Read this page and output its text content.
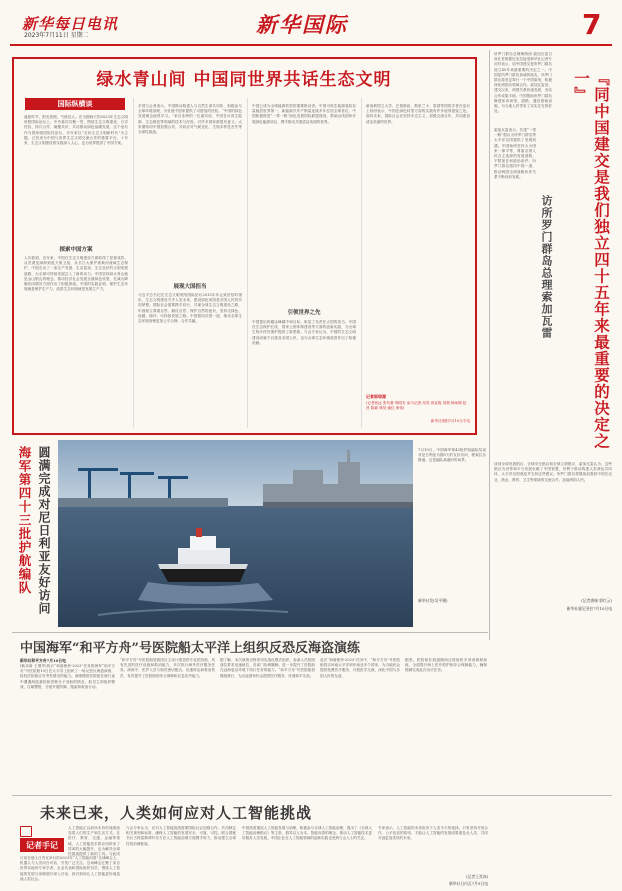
新华每日电讯
2023年7月11日 星期二	新华国际	7
绿水青山间 中国同世界共话生态文明
国际纵横谈
盛夏时节，阳光普照，气候宜人。在为期两天的2023年生态文明贵阳国际论坛上，中外嘉宾共聚一堂，围绕生态文明建设，分享经验、探讨合作、凝聚共识，共话推动绿色低碳发展。这个论坛作为国家级国际性论坛，多年来以“走向生态文明新时代”为主题，已经成为中国与世界生态文明交流合作的重要平台。十年来，生态文明建设的实践深入人心，也为世界提供了中国方案。
探索中国方案
人们看到，近年来，中国在生态文明建设方面取得了显著成效。从荒漠变绿洲到蓝天保卫战，从长江大保护到黄河流域生态保护，中国走出了一条生产发展、生活富裕、生态良好的文明发展道路，为全球可持续发展注入了新的动力。中国坚持绿水青山就是金山银山的理念，推动经济社会发展全面绿色转型，在减污降碳协同增效方面作出了积极探索。中国的实践证明，保护生态环境就是保护生产力，改善生态环境就是发展生产力。
多国与会者表示，中国推动构建人与自然生命共同体，积极参与全球环境治理，为发展中国家提供了可借鉴的经验。“中国的绿色发展理念值得学习。”来自非洲的一位嘉宾说，中国在可再生能源、生态修复等领域的技术与经验，对许多国家都很有意义。大家期待同中国加强合作，共同应对气候变化、生物多样性丧失等全球性挑战。
展现大国担当
习近平总书记在生态文明贵阳国际论坛2013年年会致贺信时指出，生态文明建设关乎人类未来，建设绿色家园是各国人民的共同梦想。国际社会需要携手同行，共谋全球生态文明建设之路，牢固树立尊重自然、顺应自然、保护自然的意识，坚持走绿色、低碳、循环、可持续发展之路。中国愿同各国一道，推动全球生态环境治理更加公平合理、合作共赢。
中国已成为全球能源转型的重要推动者。中国可再生能源装机容量稳居世界第一，新能源汽车产销量连续多年位居全球首位。中国积极推进“一带一路”绿色发展国际联盟建设，帮助沿线国家开展绿色能源项目，携手推动共建清洁美丽的世界。
引领世界之先
中国提出的碳达峰碳中和目标，彰显了负责任大国的担当。中国在生态保护红线、国家公园体制建设等方面的创新实践，为全球生物多样性保护提供了新思路。与会专家认为，中国的生态文明建设成就不仅惠及本国人民，也为全球生态环境改善作出了积极贡献。
新加坡国立大学、巴基斯坦、斯里兰卡、泰国等国的学者在论坛上纷纷表示，中国在绿色转型方面的实践有许多值得借鉴之处。面向未来，国际社会应坚持多边主义，加强交流合作，共同建设清洁美丽的世界。
记者郁琼源
(记者张远 张代蕾 郭明芳 参与记者:吴昊 周宣妮 刘晨 杨咏桐 赵昌 陈颖 林昊 谢红 黄伟)
新华社贵阳7月10日专电
所罗门群岛总理梅纳西·索加瓦雷日前在首都霍尼亚拉接受新华社记者专访时表示，同中国建交是所罗门群岛独立45年来最重要的决定之一。中国是所罗门群岛真诚的朋友，所罗门群岛将坚定奉行一个中国原则，积极深化两国各领域合作。索加瓦雷说，建交以来，两国关系快速发展，务实合作成果丰硕。中国帮助所罗门群岛修建体育场馆、道路、通信基础设施，为当地人民带来了实实在在的好处。	『同中国建交是我们独立四十五年来最重要的决定之一』
访所罗门群岛总理索加瓦雷
索加瓦雷表示，共建“一带一路”倡议为所罗门群岛等太平洋岛国提供了发展机遇。中国始终坚持大小国家一律平等，尊重各国人民自主选择的发展道路，不附加任何政治条件。所罗门群岛愿同中国一道，推动两国全面战略伙伴关系不断向前发展。
谈到全球发展倡议、全球安全倡议和全球文明倡议，索加瓦雷认为，这些倡议为世界和平与发展贡献了中国智慧，有利于推动构建人类命运共同体，太平洋岛国欢迎并支持这些倡议。所罗门群岛将继续加强同中国在农业、渔业、教育、卫生等领域的交流合作，造福两国人民。
(记者唐瑞 郭红云)
新华社霍尼亚拉7月10日电
海军第四十三批护航编队 圆满完成对尼日利亚友好访问	7月10日，中国海军第43批护航编队结束对尼日利亚为期5天的友好访问，驶离拉各斯港。这是编队离港时的场景。
新华社发(吴平摄)
中国海军“和平方舟”号医院船太平洋上组织反恐反海盗演练
新华社和平方舟7月10日电
(耿卓新 王增华)执行“和谐使命-2023”任务的海军“和平方舟”号医院船10日在太平洋上组织了一场反恐反海盗演练，检验医院船应对突发情况的能力。演练模拟医院船在航行途中遭遇海盗袭扰和恐怖分子登船的情况，船员立即组织警戒、拉响警报，分组开展防御、搜索和救治行动。
“和平方舟”号医院船是我国自主设计建造的专业医院船，具有先进的医疗设施和救治能力，多次执行海外医疗服务任务。演练中，医护人员与船员密切配合，迅速转运和救治伤员，有效提升了医院船的综合保障和应急处突能力。
据了解，本次演练全程采用实战化模式组织，参演人员按照战位要求迅速就位，各部门协调顺畅，进一步提升了医院船在远海复杂环境下执行任务的能力。“和平方舟”号医院船将继续航行，为沿途国家民众提供医疗服务，传递和平友谊。
此次“和谐使命-2023”任务中，“和平方舟”号医院船将访问南太平洋和东南亚多个国家，为当地民众提供免费医疗服务，开展医学交流，深化中国与各国人民的友谊。
据悉，医院船在航渡期间还将组织多项训练和演练，全面提升海上医疗救护和综合保障能力，确保圆满完成此次出访任务。
未来已来，人类如何应对人工智能挑战
记者手记
日前在瑞士日内瓦举行的2023年“人工智能向善”全球峰会上，机器人与人类同台对话，引发广泛关注。这场峰会汇聚了来自世界各地的专家学者、企业代表和国际组织官员，围绕人工智能的发展与治理展开深入讨论，探讨如何让人工智能更好地造福人类社会。
人工智能正以前所未有的速度改变着人们的生产和生活方式。在医疗、教育、交通、金融等领域，人工智能技术的应用带来了效率的大幅提升，也为解决全球性挑战提供了新的工具。与此同
与会专家认为，应对人工智能挑战需要国际社会加强合作，共同制定相关规则和标准，确保人工智能的发展安全、可靠、可控。联合国秘书长古特雷斯呼吁各方在人工智能治理方面携手努力，推动建立全球性的治理框架。
中国高度重视人工智能发展与治理，积极参与全球人工智能治理，提出了《全球人工智能治理倡议》等主张，倡导以人为本、智能向善的理念，推动人工智能技术更好服务人类发展。中国企业在人工智能领域的创新实践也受到与会人士的关注。
专家表示，人工智能的未来取决于人类今天的选择。只有坚持开放合作、公平包容的原则，才能让人工智能的发展成果惠及全人类，共同开创更加美好的未来。
(记者王其冰)
新华社日内瓦7月9日电
